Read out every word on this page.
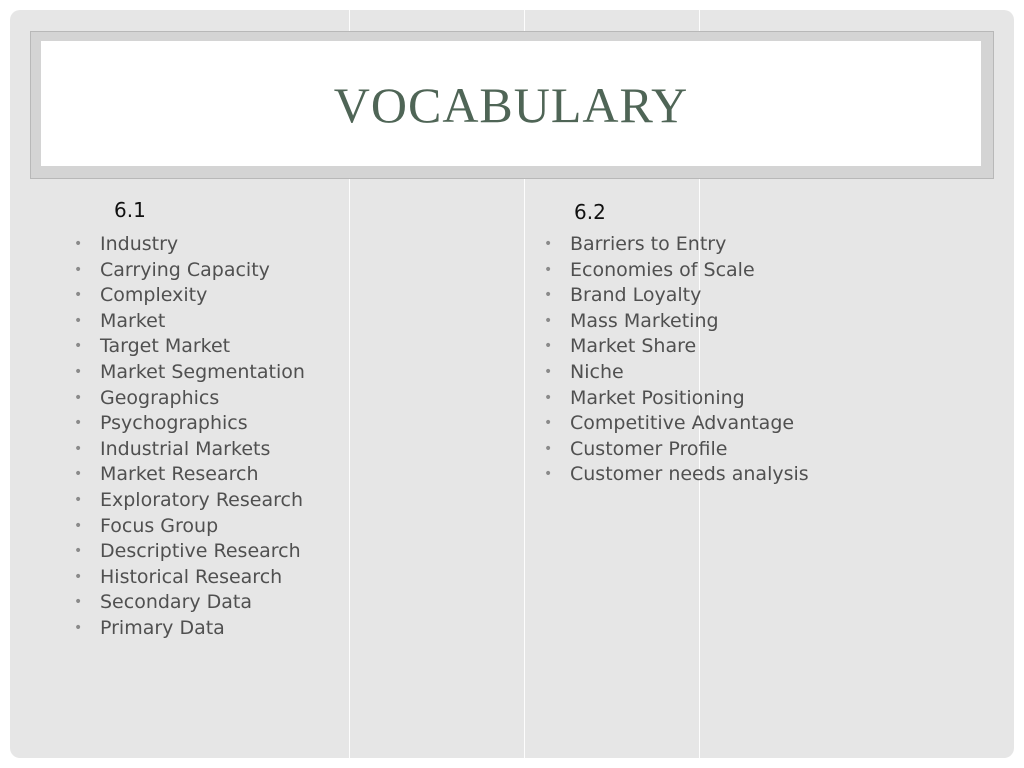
VOCABULARY
6.1	6.2
• Industry
• Carrying Capacity
• Complexity
• Market
• Target Market
• Market Segmentation
• Geographics
• Psychographics
• Industrial Markets
• Market Research
• Exploratory Research
• Focus Group
• Descriptive Research
• Historical Research
• Secondary Data
• Primary Data
• Barriers to Entry
• Economies of Scale
• Brand Loyalty
• Mass Marketing
• Market Share
• Niche
• Market Positioning
• Competitive Advantage
• Customer Profile
• Customer needs analysis
